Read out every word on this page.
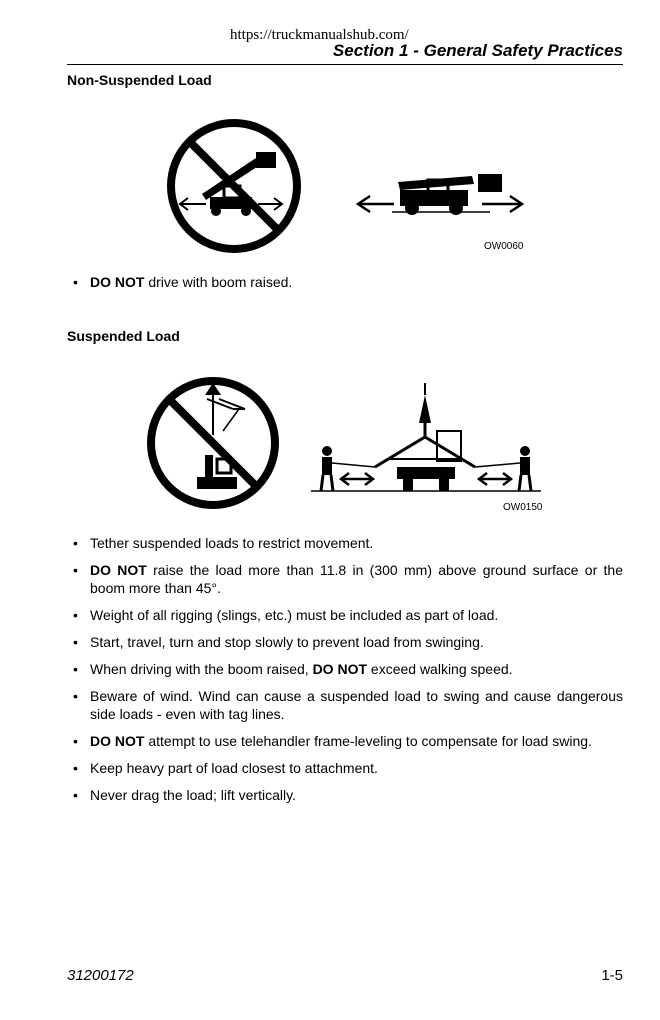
https://truckmanualshub.com/
Section 1 - General Safety Practices
Non-Suspended Load
OW0060
• DO NOT drive with boom raised.
Suspended Load
OW0150
• Tether suspended loads to restrict movement.
• DO NOT raise the load more than 11.8 in (300 mm) above ground surface or the boom more than 45°.
• Weight of all rigging (slings, etc.) must be included as part of load.
• Start, travel, turn and stop slowly to prevent load from swinging.
• When driving with the boom raised, DO NOT exceed walking speed.
• Beware of wind. Wind can cause a suspended load to swing and cause dangerous side loads - even with tag lines.
• DO NOT attempt to use telehandler frame-leveling to compensate for load swing.
• Keep heavy part of load closest to attachment.
• Never drag the load; lift vertically.
31200172	1-5
